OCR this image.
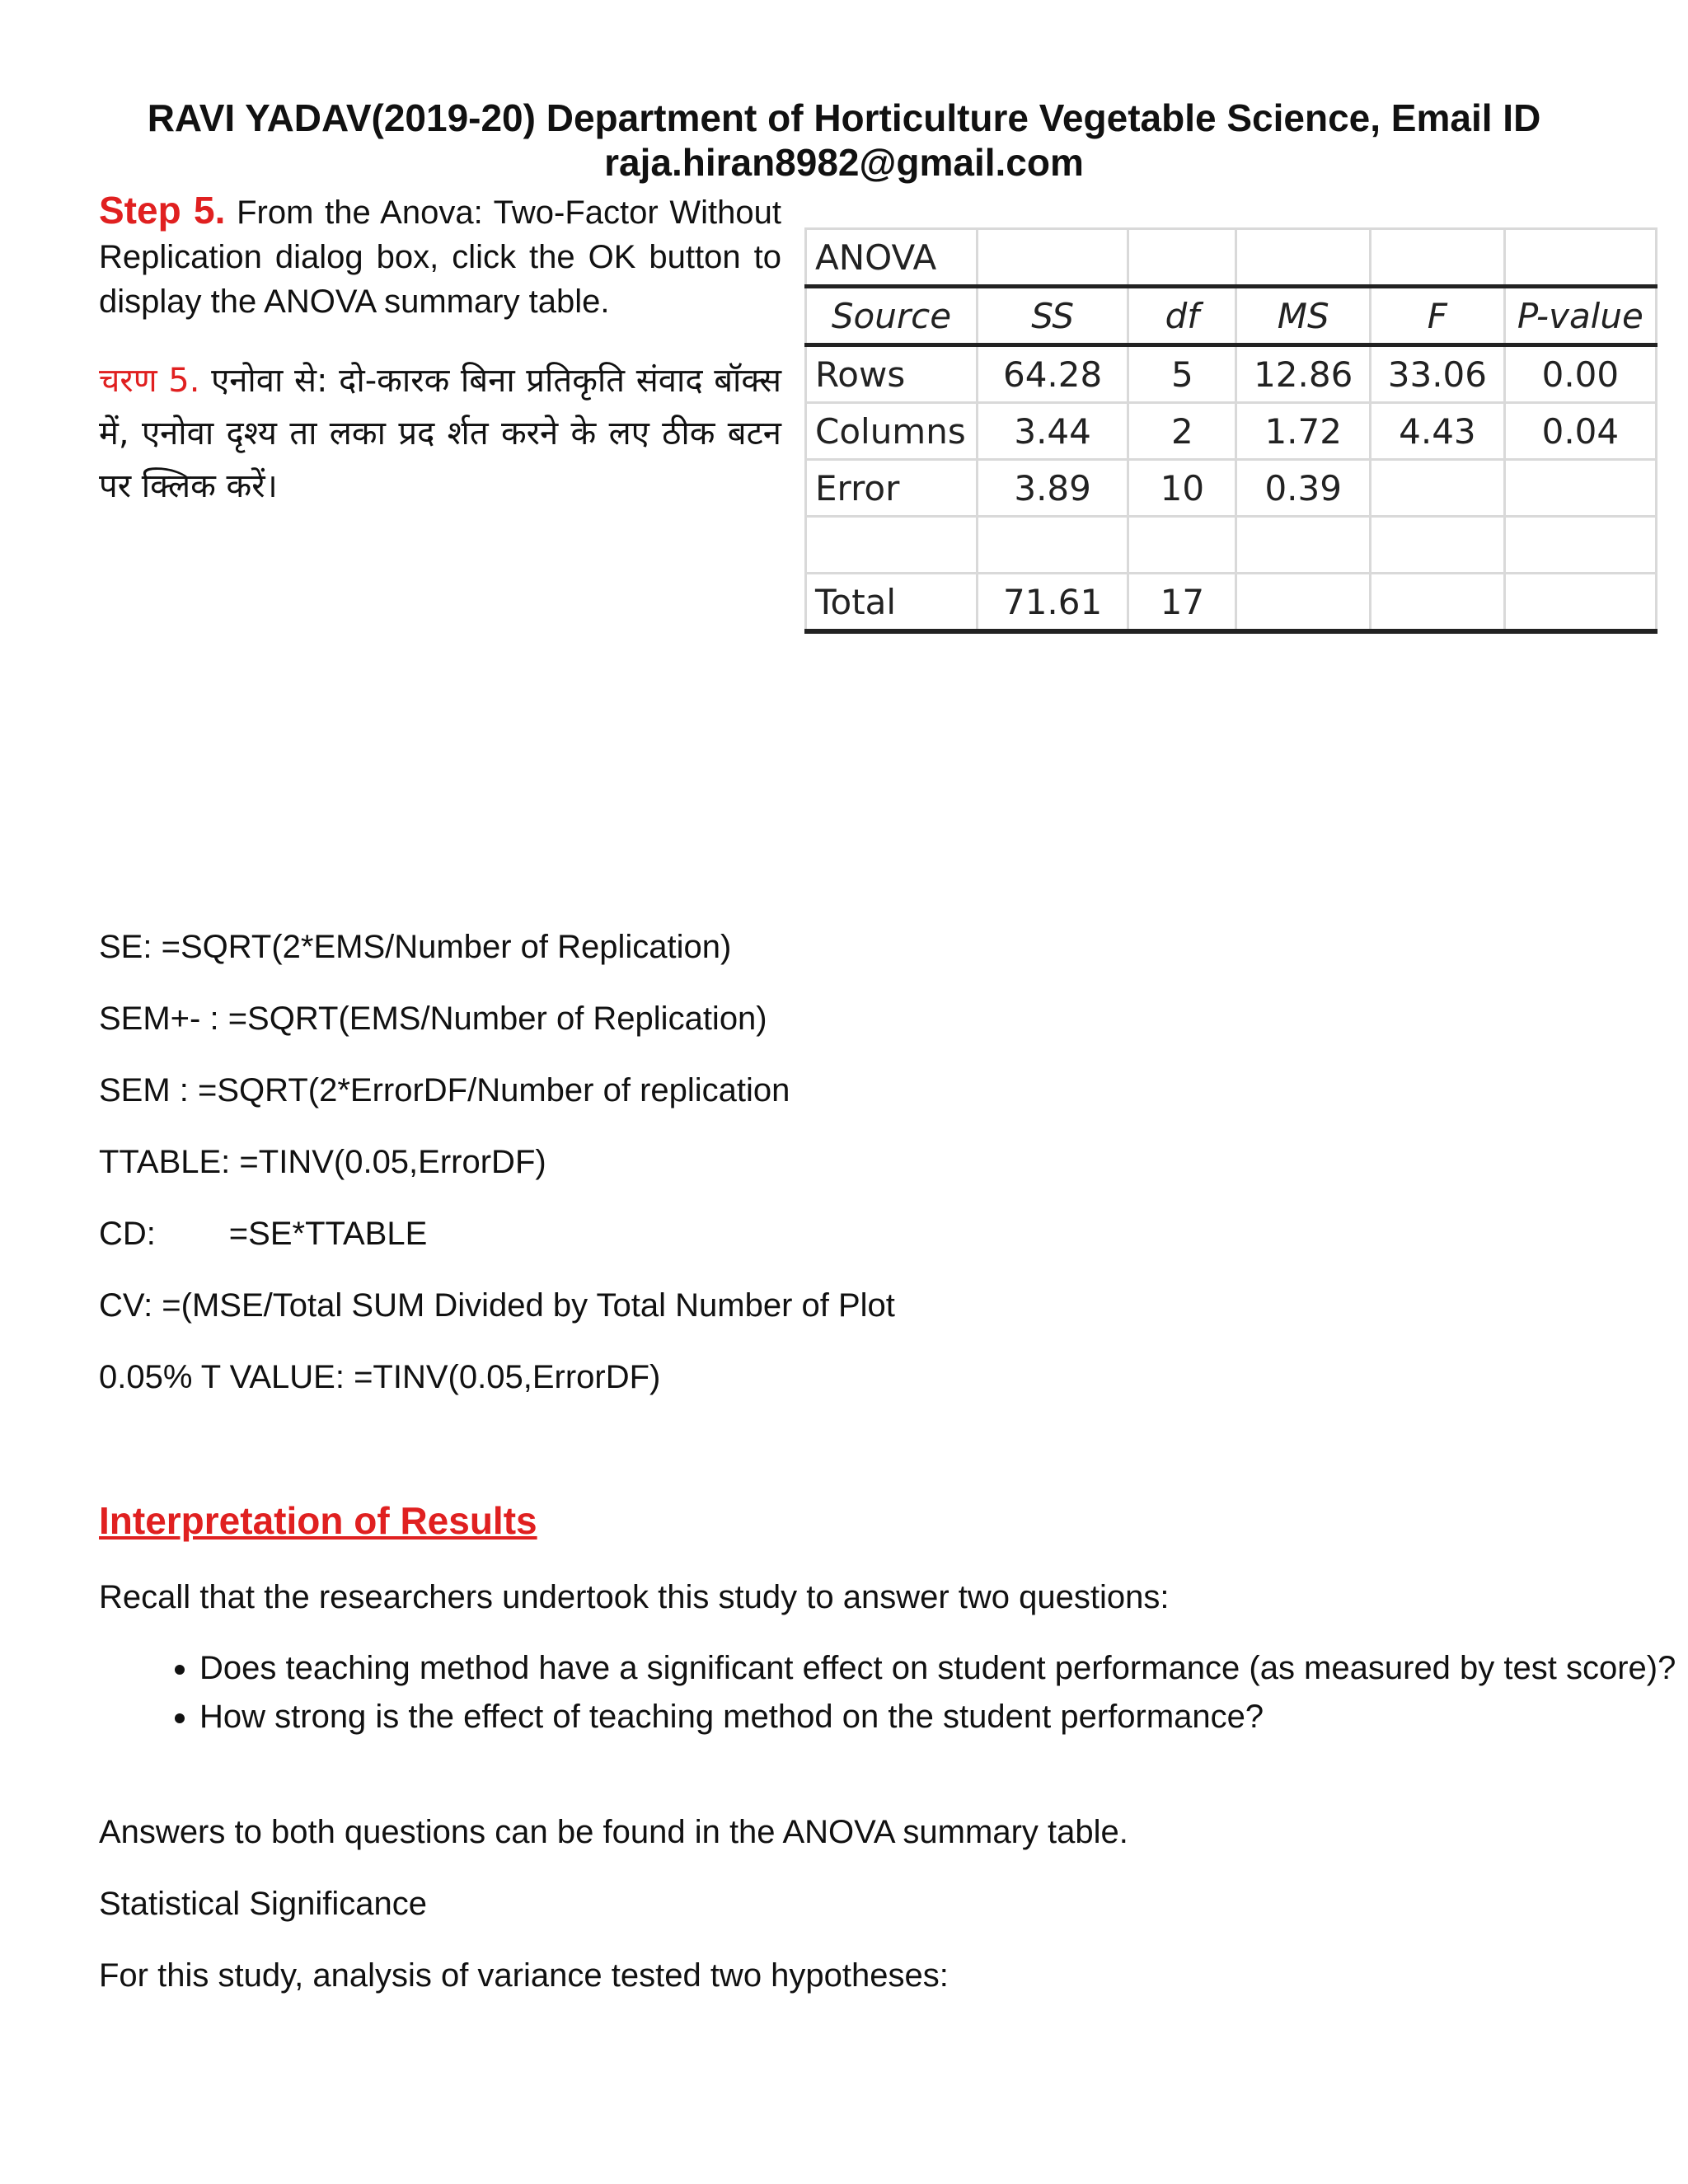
RAVI YADAV(2019-20) Department of Horticulture Vegetable Science, Email ID
raja.hiran8982@gmail.com
Step 5. From the Anova: Two-Factor Without Replication dialog box, click the OK button to display the ANOVA summary table.
चरण 5. एनोवा से: दो-कारक बिना प्रतिकृति संवाद बॉक्स में, एनोवा दृश्य ता लका प्रद र्शत करने के लए ठीक बटन पर क्लिक करें।
ANOVA					
Source	SS	df	MS	F	P-value
Rows	64.28	5	12.86	33.06	0.00
Columns	3.44	2	1.72	4.43	0.04
Error	3.89	10	0.39		

Total	71.61	17			
SE: =SQRT(2*EMS/Number of Replication)
SEM+- : =SQRT(EMS/Number of Replication)
SEM : =SQRT(2*ErrorDF/Number of replication
TTABLE: =TINV(0.05,ErrorDF)
CD:        =SE*TTABLE
CV: =(MSE/Total SUM Divided by Total Number of Plot
0.05% T VALUE: =TINV(0.05,ErrorDF)
Interpretation of Results
Recall that the researchers undertook this study to answer two questions:
• Does teaching method have a significant effect on student performance (as measured by test score)?
• How strong is the effect of teaching method on the student performance?
Answers to both questions can be found in the ANOVA summary table.
Statistical Significance
For this study, analysis of variance tested two hypotheses:
